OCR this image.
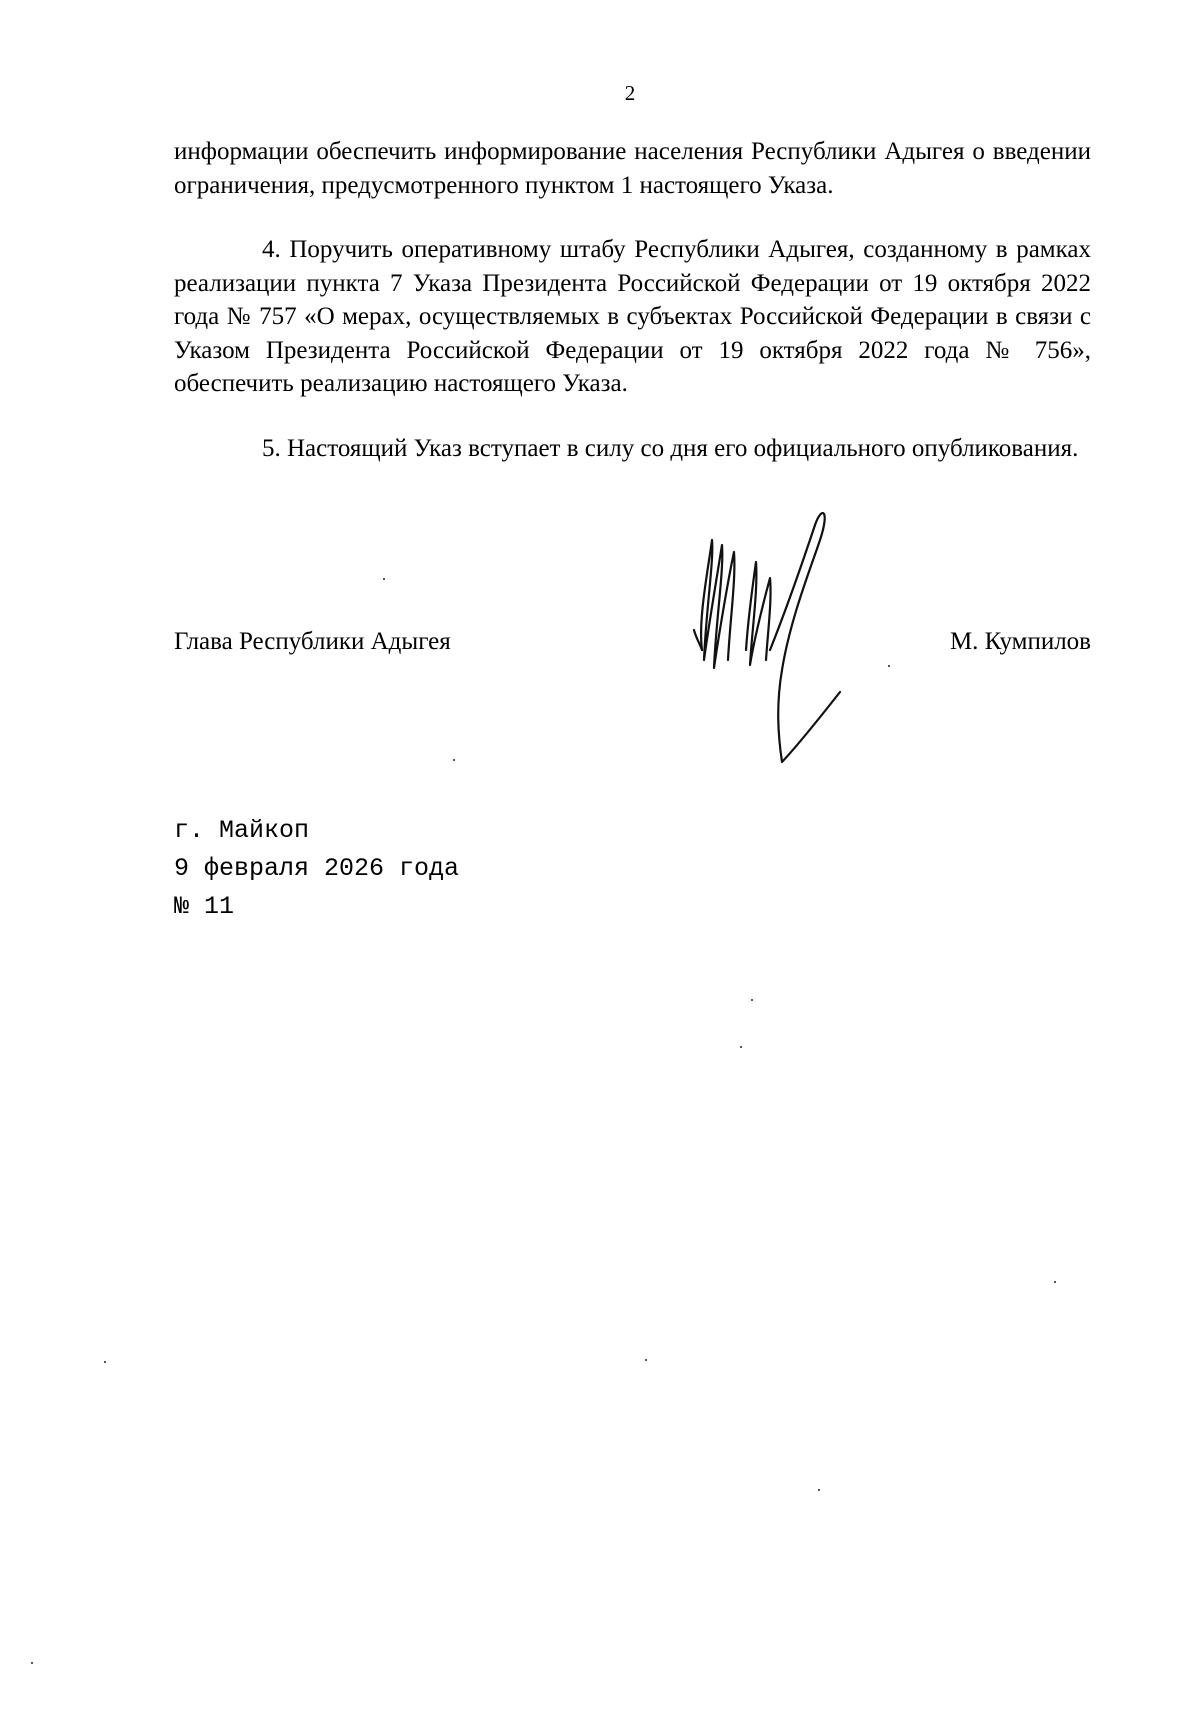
2

информации обеспечить информирование населения Республики Адыгея о введении ограничения, предусмотренного пунктом 1 настоящего Указа.

4. Поручить оперативному штабу Республики Адыгея, созданному в рамках реализации пункта 7 Указа Президента Российской Федерации от 19 октября 2022 года № 757 «О мерах, осуществляемых в субъектах Российской Федерации в связи с Указом Президента Российской Федерации от 19 октября 2022 года № 756», обеспечить реализацию настоящего Указа.

5. Настоящий Указ вступает в силу со дня его официального опубликования.

Глава Республики Адыгея	М. Кумпилов
г. Майкоп
9 февраля 2026 года
№ 11
